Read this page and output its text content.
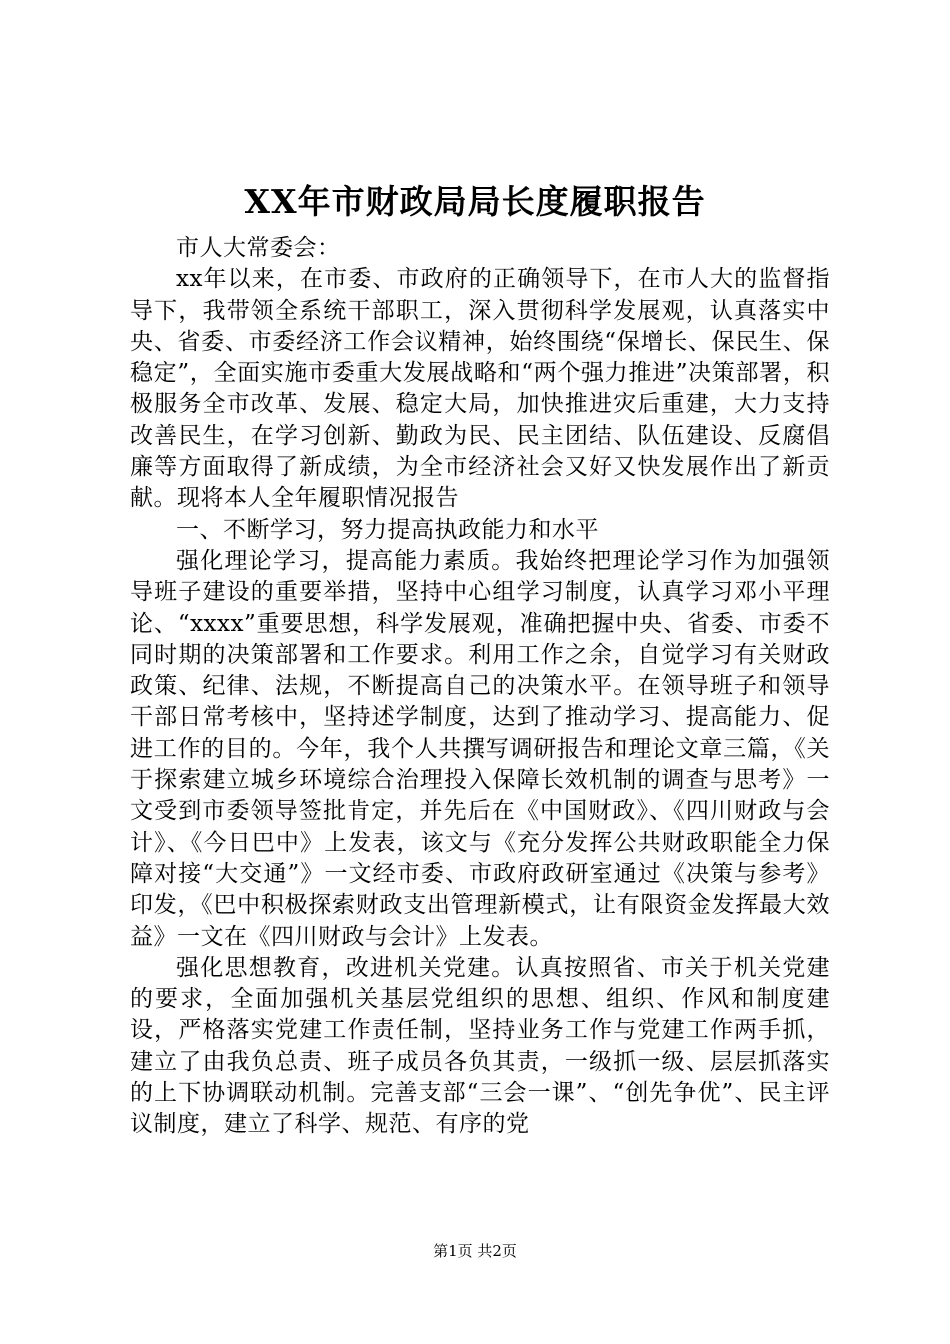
XX年市财政局局长度履职报告

市人大常委会：

xx年以来，在市委、市政府的正确领导下，在市人大的监督指导下，我带领全系统干部职工，深入贯彻科学发展观，认真落实中央、省委、市委经济工作会议精神，始终围绕“保增长、保民生、保稳定”，全面实施市委重大发展战略和“两个强力推进”决策部署，积极服务全市改革、发展、稳定大局，加快推进灾后重建，大力支持改善民生，在学习创新、勤政为民、民主团结、队伍建设、反腐倡廉等方面取得了新成绩，为全市经济社会又好又快发展作出了新贡献。现将本人全年履职情况报告

一、不断学习，努力提高执政能力和水平

强化理论学习，提高能力素质。我始终把理论学习作为加强领导班子建设的重要举措，坚持中心组学习制度，认真学习邓小平理论、“xxxx”重要思想，科学发展观，准确把握中央、省委、市委不同时期的决策部署和工作要求。利用工作之余，自觉学习有关财政政策、纪律、法规，不断提高自己的决策水平。在领导班子和领导干部日常考核中，坚持述学制度，达到了推动学习、提高能力、促进工作的目的。今年，我个人共撰写调研报告和理论文章三篇，《关于探索建立城乡环境综合治理投入保障长效机制的调查与思考》一文受到市委领导签批肯定，并先后在《中国财政》、《四川财政与会计》、《今日巴中》上发表，该文与《充分发挥公共财政职能全力保障对接“大交通”》一文经市委、市政府政研室通过《决策与参考》印发，《巴中积极探索财政支出管理新模式，让有限资金发挥最大效益》一文在《四川财政与会计》上发表。

强化思想教育，改进机关党建。认真按照省、市关于机关党建的要求，全面加强机关基层党组织的思想、组织、作风和制度建设，严格落实党建工作责任制，坚持业务工作与党建工作两手抓，建立了由我负总责、班子成员各负其责，一级抓一级、层层抓落实的上下协调联动机制。完善支部“三会一课”、“创先争优”、民主评议制度，建立了科学、规范、有序的党

第1页 共2页
